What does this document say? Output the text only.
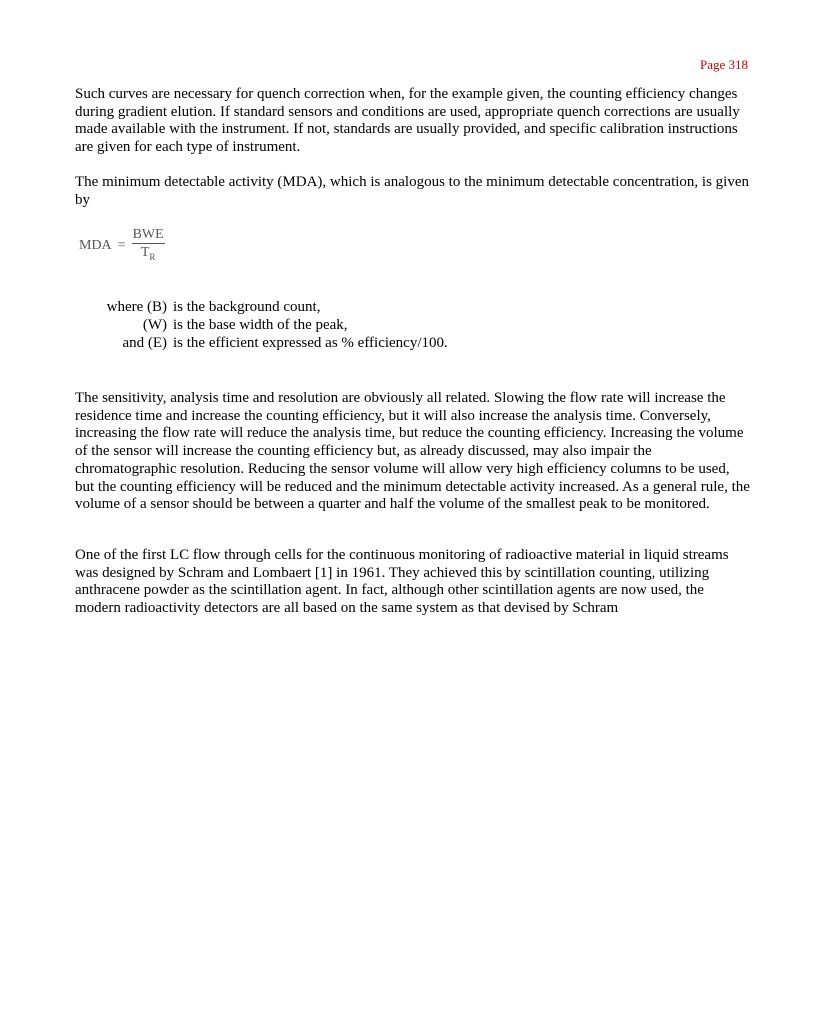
Page 318

Such curves are necessary for quench correction when, for the example given, the counting efficiency changes during gradient elution. If standard sensors and conditions are used, appropriate quench corrections are usually made available with the instrument. If not, standards are usually provided, and specific calibration instructions are given for each type of instrument.

The minimum detectable activity (MDA), which is analogous to the minimum detectable concentration, is given by

MDA = $\frac{\text{BWE}}{T_R}$
where (B) is the background count,
(W) is the base width of the peak,
and (E) is the efficient expressed as % efficiency/100.

The sensitivity, analysis time and resolution are obviously all related. Slowing the flow rate will increase the residence time and increase the counting efficiency, but it will also increase the analysis time. Conversely, increasing the flow rate will reduce the analysis time, but reduce the counting efficiency. Increasing the volume of the sensor will increase the counting efficiency but, as already discussed, may also impair the chromatographic resolution. Reducing the sensor volume will allow very high efficiency columns to be used, but the counting efficiency will be reduced and the minimum detectable activity increased. As a general rule, the volume of a sensor should be between a quarter and half the volume of the smallest peak to be monitored.

One of the first LC flow through cells for the continuous monitoring of radioactive material in liquid streams was designed by Schram and Lombaert [1] in 1961. They achieved this by scintillation counting, utilizing anthracene powder as the scintillation agent. In fact, although other scintillation agents are now used, the modern radioactivity detectors are all based on the same system as that devised by Schram
